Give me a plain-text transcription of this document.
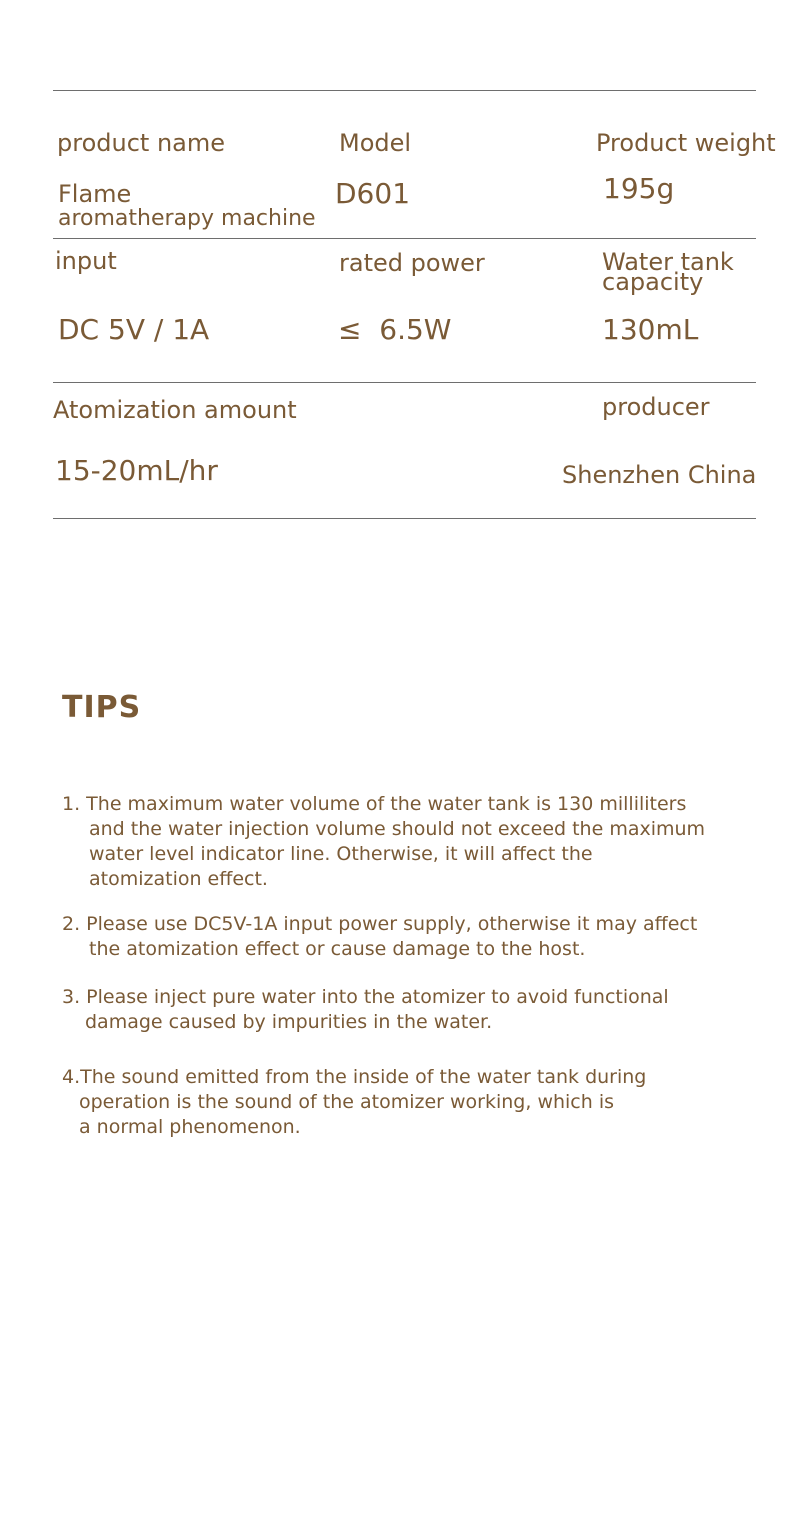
product name
Flame
aromatherapy machine
Model
D601
Product weight
195g
input
DC 5V / 1A
rated power
≤  6.5W
Water tank
capacity
130mL
Atomization amount
15-20mL/hr
producer
Shenzhen China
TIPS
1. The maximum water volume of the water tank is 130 milliliters
and the water injection volume should not exceed the maximum
water level indicator line. Otherwise, it will affect the
atomization effect.
2. Please use DC5V-1A input power supply, otherwise it may affect
the atomization effect or cause damage to the host.
3. Please inject pure water into the atomizer to avoid functional
damage caused by impurities in the water.
4.The sound emitted from the inside of the water tank during
operation is the sound of the atomizer working, which is
a normal phenomenon.
